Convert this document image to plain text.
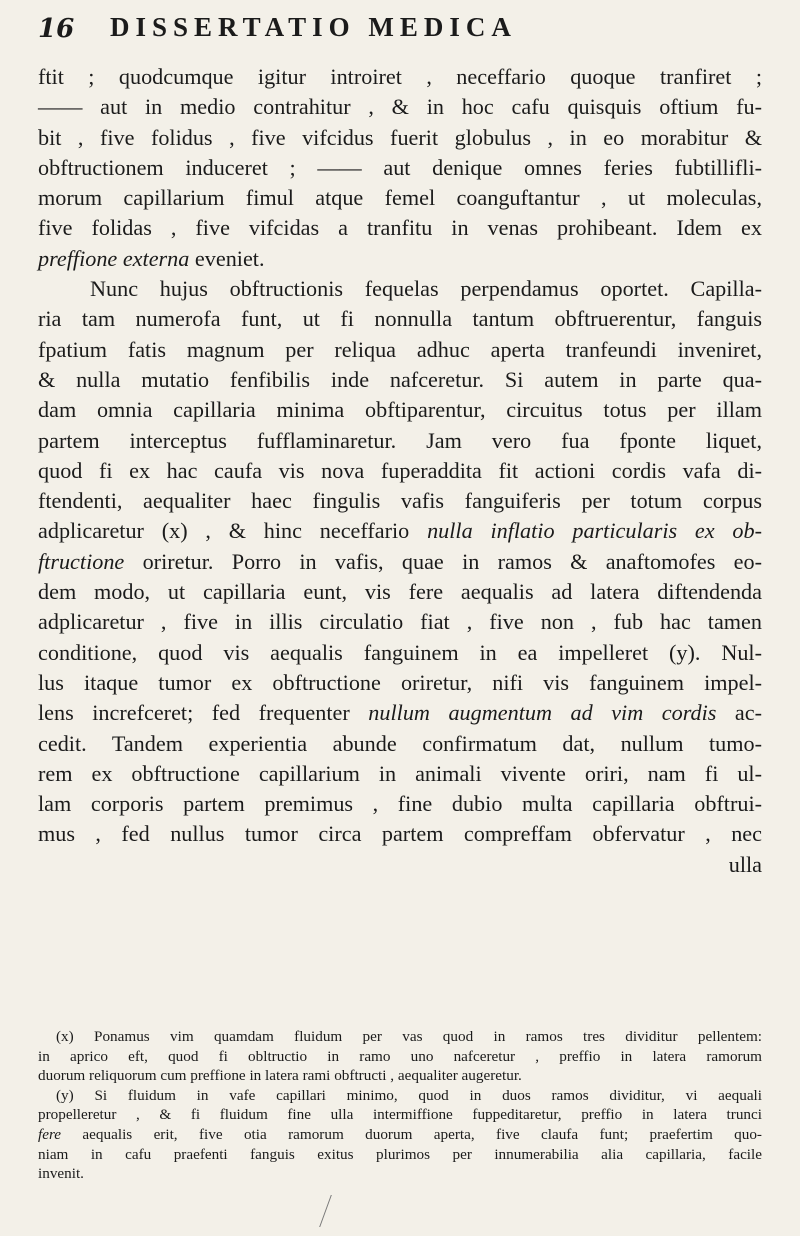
16 DISSERTATIO MEDICA
ftit ; quodcumque igitur introiret , neceffario quoque tranfiret ;
—— aut in medio contrahitur , & in hoc cafu quisquis oftium fu-
bit , five folidus , five vifcidus fuerit globulus , in eo morabitur &
obftructionem induceret ; —— aut denique omnes feries fubtillifli-
morum capillarium fimul atque femel coanguftantur , ut moleculas,
five folidas , five vifcidas a tranfitu in venas prohibeant. Idem ex
preffione externa eveniet.
Nunc hujus obftructionis fequelas perpendamus oportet. Capilla-
ria tam numerofa funt, ut fi nonnulla tantum obftruerentur, fanguis
fpatium fatis magnum per reliqua adhuc aperta tranfeundi inveniret,
& nulla mutatio fenfibilis inde nafceretur. Si autem in parte qua-
dam omnia capillaria minima obftiparentur, circuitus totus per illam
partem interceptus fufflaminaretur. Jam vero fua fponte liquet,
quod fi ex hac caufa vis nova fuperaddita fit actioni cordis vafa di-
ftendenti, aequaliter haec fingulis vafis fanguiferis per totum corpus
adplicaretur (x) , & hinc neceffario nulla inflatio particularis ex ob-
ftructione oriretur. Porro in vafis, quae in ramos & anaftomofes eo-
dem modo, ut capillaria eunt, vis fere aequalis ad latera diftendenda
adplicaretur , five in illis circulatio fiat , five non , fub hac tamen
conditione, quod vis aequalis fanguinem in ea impelleret (y). Nul-
lus itaque tumor ex obftructione oriretur, nifi vis fanguinem impel-
lens increfceret; fed frequenter nullum augmentum ad vim cordis ac-
cedit. Tandem experientia abunde confirmatum dat, nullum tumo-
rem ex obftructione capillarium in animali vivente oriri, nam fi ul-
lam corporis partem premimus , fine dubio multa capillaria obftrui-
mus , fed nullus tumor circa partem compreffam obfervatur , nec
ulla
(x) Ponamus vim quamdam fluidum per vas quod in ramos tres dividitur pellentem:
in aprico eft, quod fi obltructio in ramo uno nafceretur , preffio in latera ramorum
duorum reliquorum cum preffione in latera rami obftructi , aequaliter augeretur.
(y) Si fluidum in vafe capillari minimo, quod in duos ramos dividitur, vi aequali
propelleretur , & fi fluidum fine ulla intermiffione fuppeditaretur, preffio in latera trunci
fere aequalis erit, five otia ramorum duorum aperta, five claufa funt; praefertim quo-
niam in cafu praefenti fanguis exitus plurimos per innumerabilia alia capillaria, facile
invenit.
